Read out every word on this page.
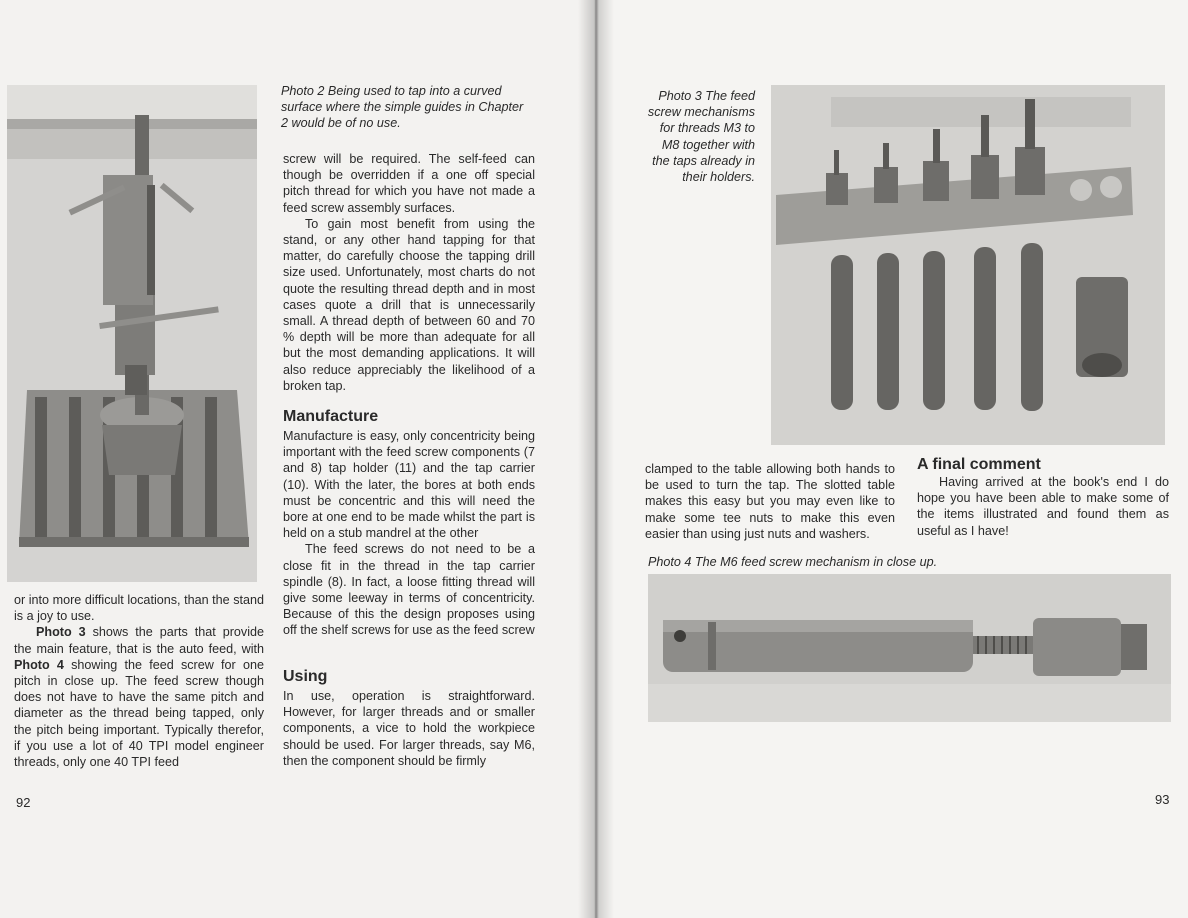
Photo 2 Being used to tap into a curved surface where the simple guides in Chapter 2 would be of no use.

or into more difficult locations, than the stand is a joy to use.

Photo 3 shows the parts that provide the main feature, that is the auto feed, with Photo 4 showing the feed screw for one pitch in close up. The feed screw though does not have to have the same pitch and diameter as the thread being tapped, only the pitch being important. Typically therefor, if you use a lot of 40 TPI model engineer threads, only one 40 TPI feed

screw will be required. The self-feed can though be overridden if a one off special pitch thread for which you have not made a feed screw assembly surfaces.

To gain most benefit from using the stand, or any other hand tapping for that matter, do carefully choose the tapping drill size used. Unfortunately, most charts do not quote the resulting thread depth and in most cases quote a drill that is unnecessarily small. A thread depth of between 60 and 70 % depth will be more than adequate for all but the most demanding applications. It will also reduce appreciably the likelihood of a broken tap.

Manufacture

Manufacture is easy, only concentricity being important with the feed screw components (7 and 8) tap holder (11) and the tap carrier (10). With the later, the bores at both ends must be concentric and this will need the bore at one end to be made whilst the part is held on a stub mandrel at the other

The feed screws do not need to be a close fit in the thread in the tap carrier spindle (8). In fact, a loose fitting thread will give some leeway in terms of concentricity. Because of this the design proposes using off the shelf screws for use as the feed screw

Using

In use, operation is straightforward. However, for larger threads and or smaller components, a vice to hold the workpiece should be used. For larger threads, say M6, then the component should be firmly

92
Photo 3 The feed screw mechanisms for threads M3 to M8 together with the taps already in their holders.

clamped to the table allowing both hands to be used to turn the tap. The slotted table makes this easy but you may even like to make some tee nuts to make this even easier than using just nuts and washers.

A final comment

Having arrived at the book's end I do hope you have been able to make some of the items illustrated and found them as useful as I have!

Photo 4 The M6 feed screw mechanism in close up.
93
